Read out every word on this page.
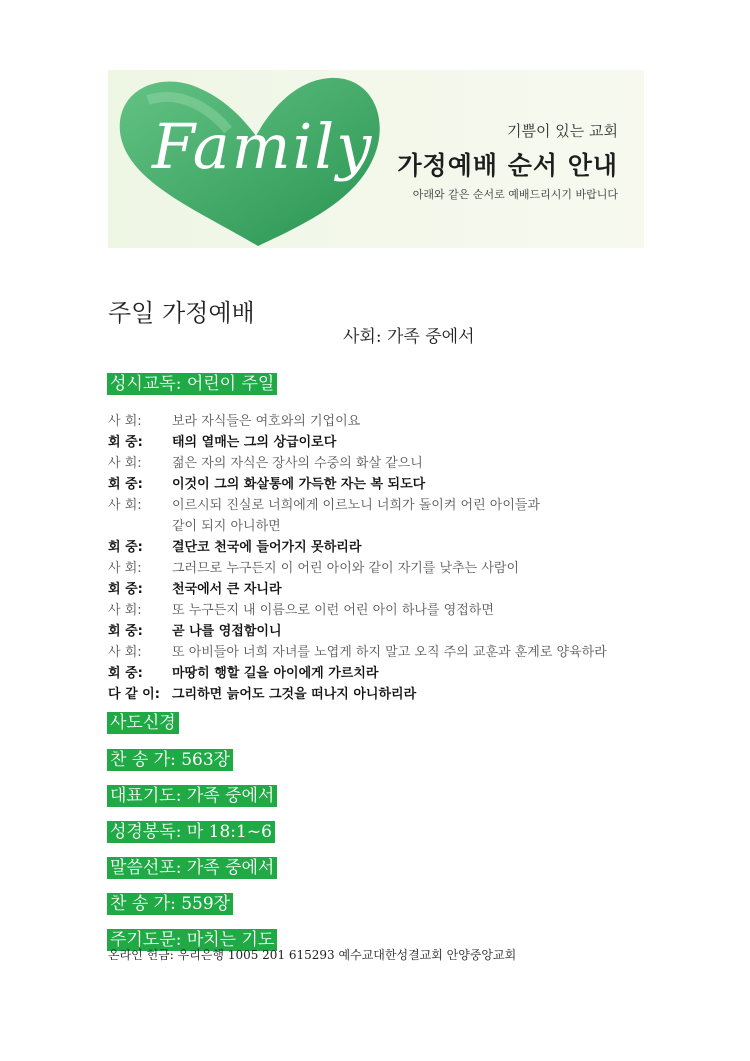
Family	기쁨이 있는 교회
가정예배 순서 안내
아래와 같은 순서로 예배드리시기 바랍니다
주일 가정예배
사회: 가족 중에서
성시교독: 어린이 주일
사 회:	보라 자식들은 여호와의 기업이요
회 중:	태의 열매는 그의 상급이로다
사 회:	젊은 자의 자식은 장사의 수중의 화살 같으니
회 중:	이것이 그의 화살통에 가득한 자는 복 되도다
사 회:	이르시되 진실로 너희에게 이르노니 너희가 돌이켜 어린 아이들과
같이 되지 아니하면
회 중:	결단코 천국에 들어가지 못하리라
사 회:	그러므로 누구든지 이 어린 아이와 같이 자기를 낮추는 사람이
회 중:	천국에서 큰 자니라
사 회:	또 누구든지 내 이름으로 이런 어린 아이 하나를 영접하면
회 중:	곧 나를 영접함이니
사 회:	또 아비들아 너희 자녀를 노엽게 하지 말고 오직 주의 교훈과 훈계로 양육하라
회 중:	마땅히 행할 길을 아이에게 가르치라
다 같 이: 그리하면 늙어도 그것을 떠나지 아니하리라
사도신경
찬 송 가: 563장
대표기도: 가족 중에서
성경봉독: 마 18:1~6
말씀선포: 가족 중에서
찬 송 가: 559장
주기도문: 마치는 기도
온라인 헌금: 우리은행 1005 201 615293 예수교대한성결교회 안양중앙교회
